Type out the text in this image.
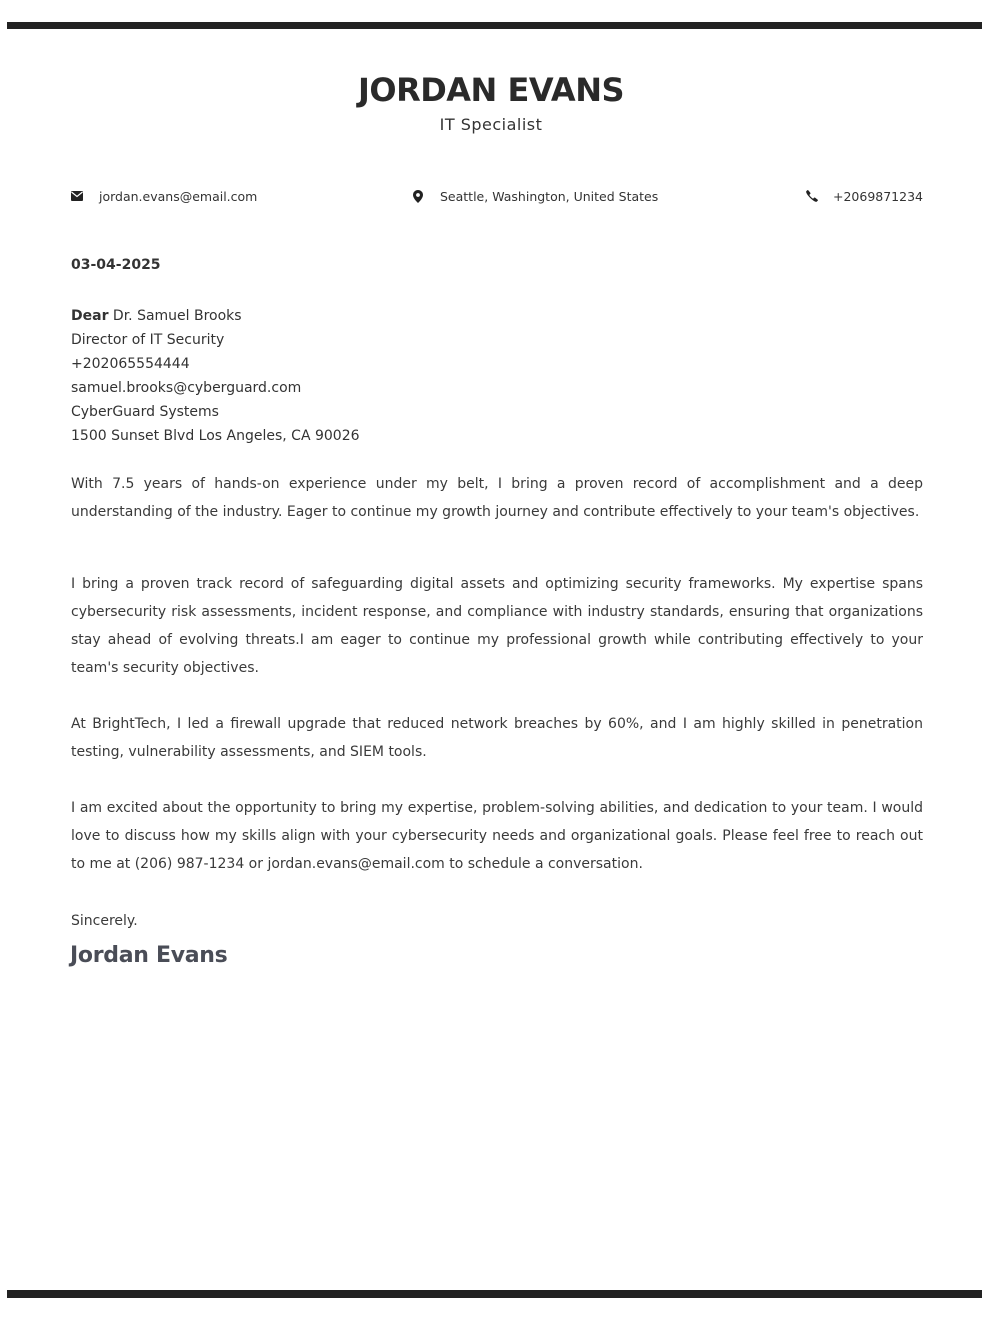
JORDAN EVANS
IT Specialist
jordan.evans@email.com	Seattle, Washington, United States	+2069871234
03-04-2025
Dear Dr. Samuel Brooks
Director of IT Security
+202065554444
samuel.brooks@cyberguard.com
CyberGuard Systems
1500 Sunset Blvd Los Angeles, CA 90026

With 7.5 years of hands-on experience under my belt, I bring a proven record of accomplishment and a deep understanding of the industry. Eager to continue my growth journey and contribute effectively to your team's objectives.

I bring a proven track record of safeguarding digital assets and optimizing security frameworks. My expertise spans cybersecurity risk assessments, incident response, and compliance with industry standards, ensuring that organizations stay ahead of evolving threats.I am eager to continue my professional growth while contributing effectively to your team's security objectives.

At BrightTech, I led a firewall upgrade that reduced network breaches by 60%, and I am highly skilled in penetration testing, vulnerability assessments, and SIEM tools.

I am excited about the opportunity to bring my expertise, problem-solving abilities, and dedication to your team. I would love to discuss how my skills align with your cybersecurity needs and organizational goals. Please feel free to reach out to me at (206) 987-1234 or jordan.evans@email.com to schedule a conversation.

Sincerely.
Jordan Evans
